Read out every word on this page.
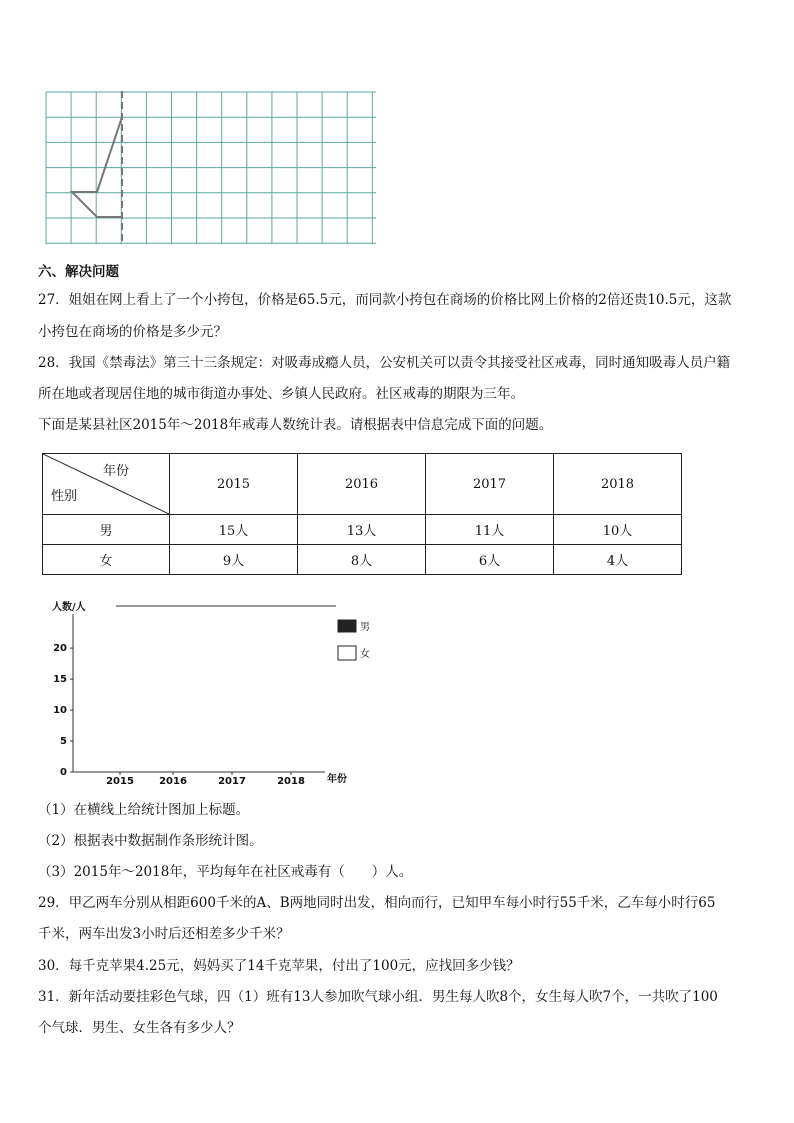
六、解决问题
27．姐姐在网上看上了一个小挎包，价格是65.5元，而同款小挎包在商场的价格比网上价格的2倍还贵10.5元，这款
小挎包在商场的价格是多少元？
28．我国《禁毒法》第三十三条规定：对吸毒成瘾人员，公安机关可以责令其接受社区戒毒，同时通知吸毒人员户籍
所在地或者现居住地的城市街道办事处、乡镇人民政府。社区戒毒的期限为三年。
下面是某县社区2015年～2018年戒毒人数统计表。请根据表中信息完成下面的问题。
年份
性别	2015	2016	2017	2018
男	15人	13人	11人	10人
女	9人	8人	6人	4人
人数/人
0
5
10
15
20
2015	2016	2017	2018 年份
男
女
（1）在横线上给统计图加上标题。
（2）根据表中数据制作条形统计图。
（3）2015年～2018年，平均每年在社区戒毒有（　　）人。
29．甲乙两车分别从相距600千米的A、B两地同时出发，相向而行，已知甲车每小时行55千米，乙车每小时行65
千米，两车出发3小时后还相差多少千米？
30．每千克苹果4.25元，妈妈买了14千克苹果，付出了100元，应找回多少钱？
31．新年活动要挂彩色气球，四（1）班有13人参加吹气球小组．男生每人吹8个，女生每人吹7个，一共吹了100
个气球．男生、女生各有多少人？
